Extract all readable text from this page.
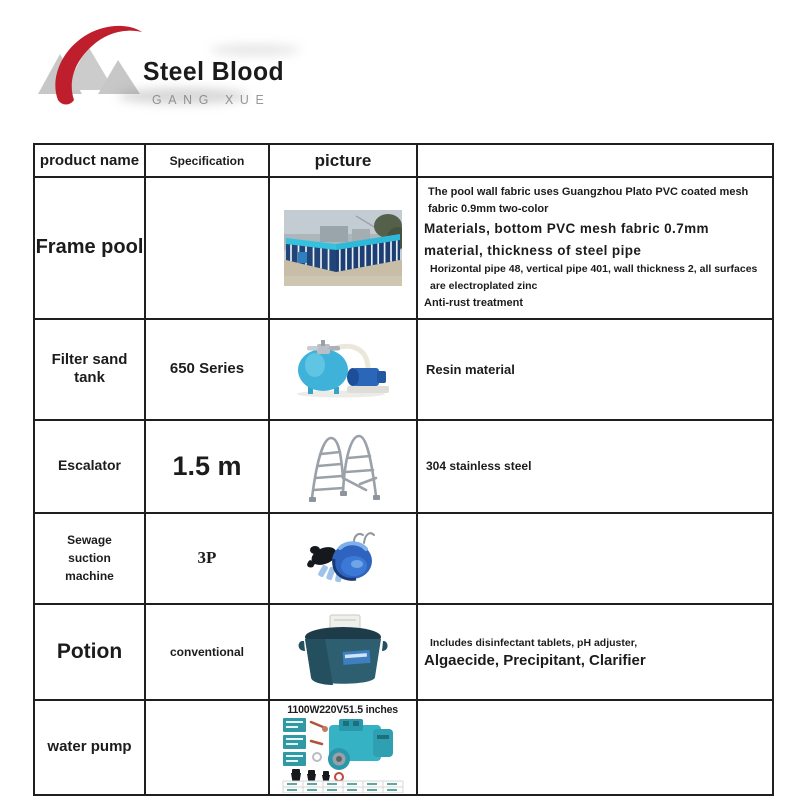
Steel Blood
GANG XUE
product name	Specification	picture	
Frame pool			The pool wall fabric uses Guangzhou Plato PVC coated mesh fabric 0.9mm two-color
Materials, bottom PVC mesh fabric 0.7mm material, thickness of steel pipe
Horizontal pipe 48, vertical pipe 401, wall thickness 2, all surfaces are electroplated zinc
Anti-rust treatment

Filter sand tank	650 Series		Resin material

Escalator	1.5 m		304 stainless steel

Sewage suction machine	3P	

Potion	conventional		Includes disinfectant tablets, pH adjuster,
Algaecide, Precipitant, Clarifier

water pump		1100W220V51.5 inches	
